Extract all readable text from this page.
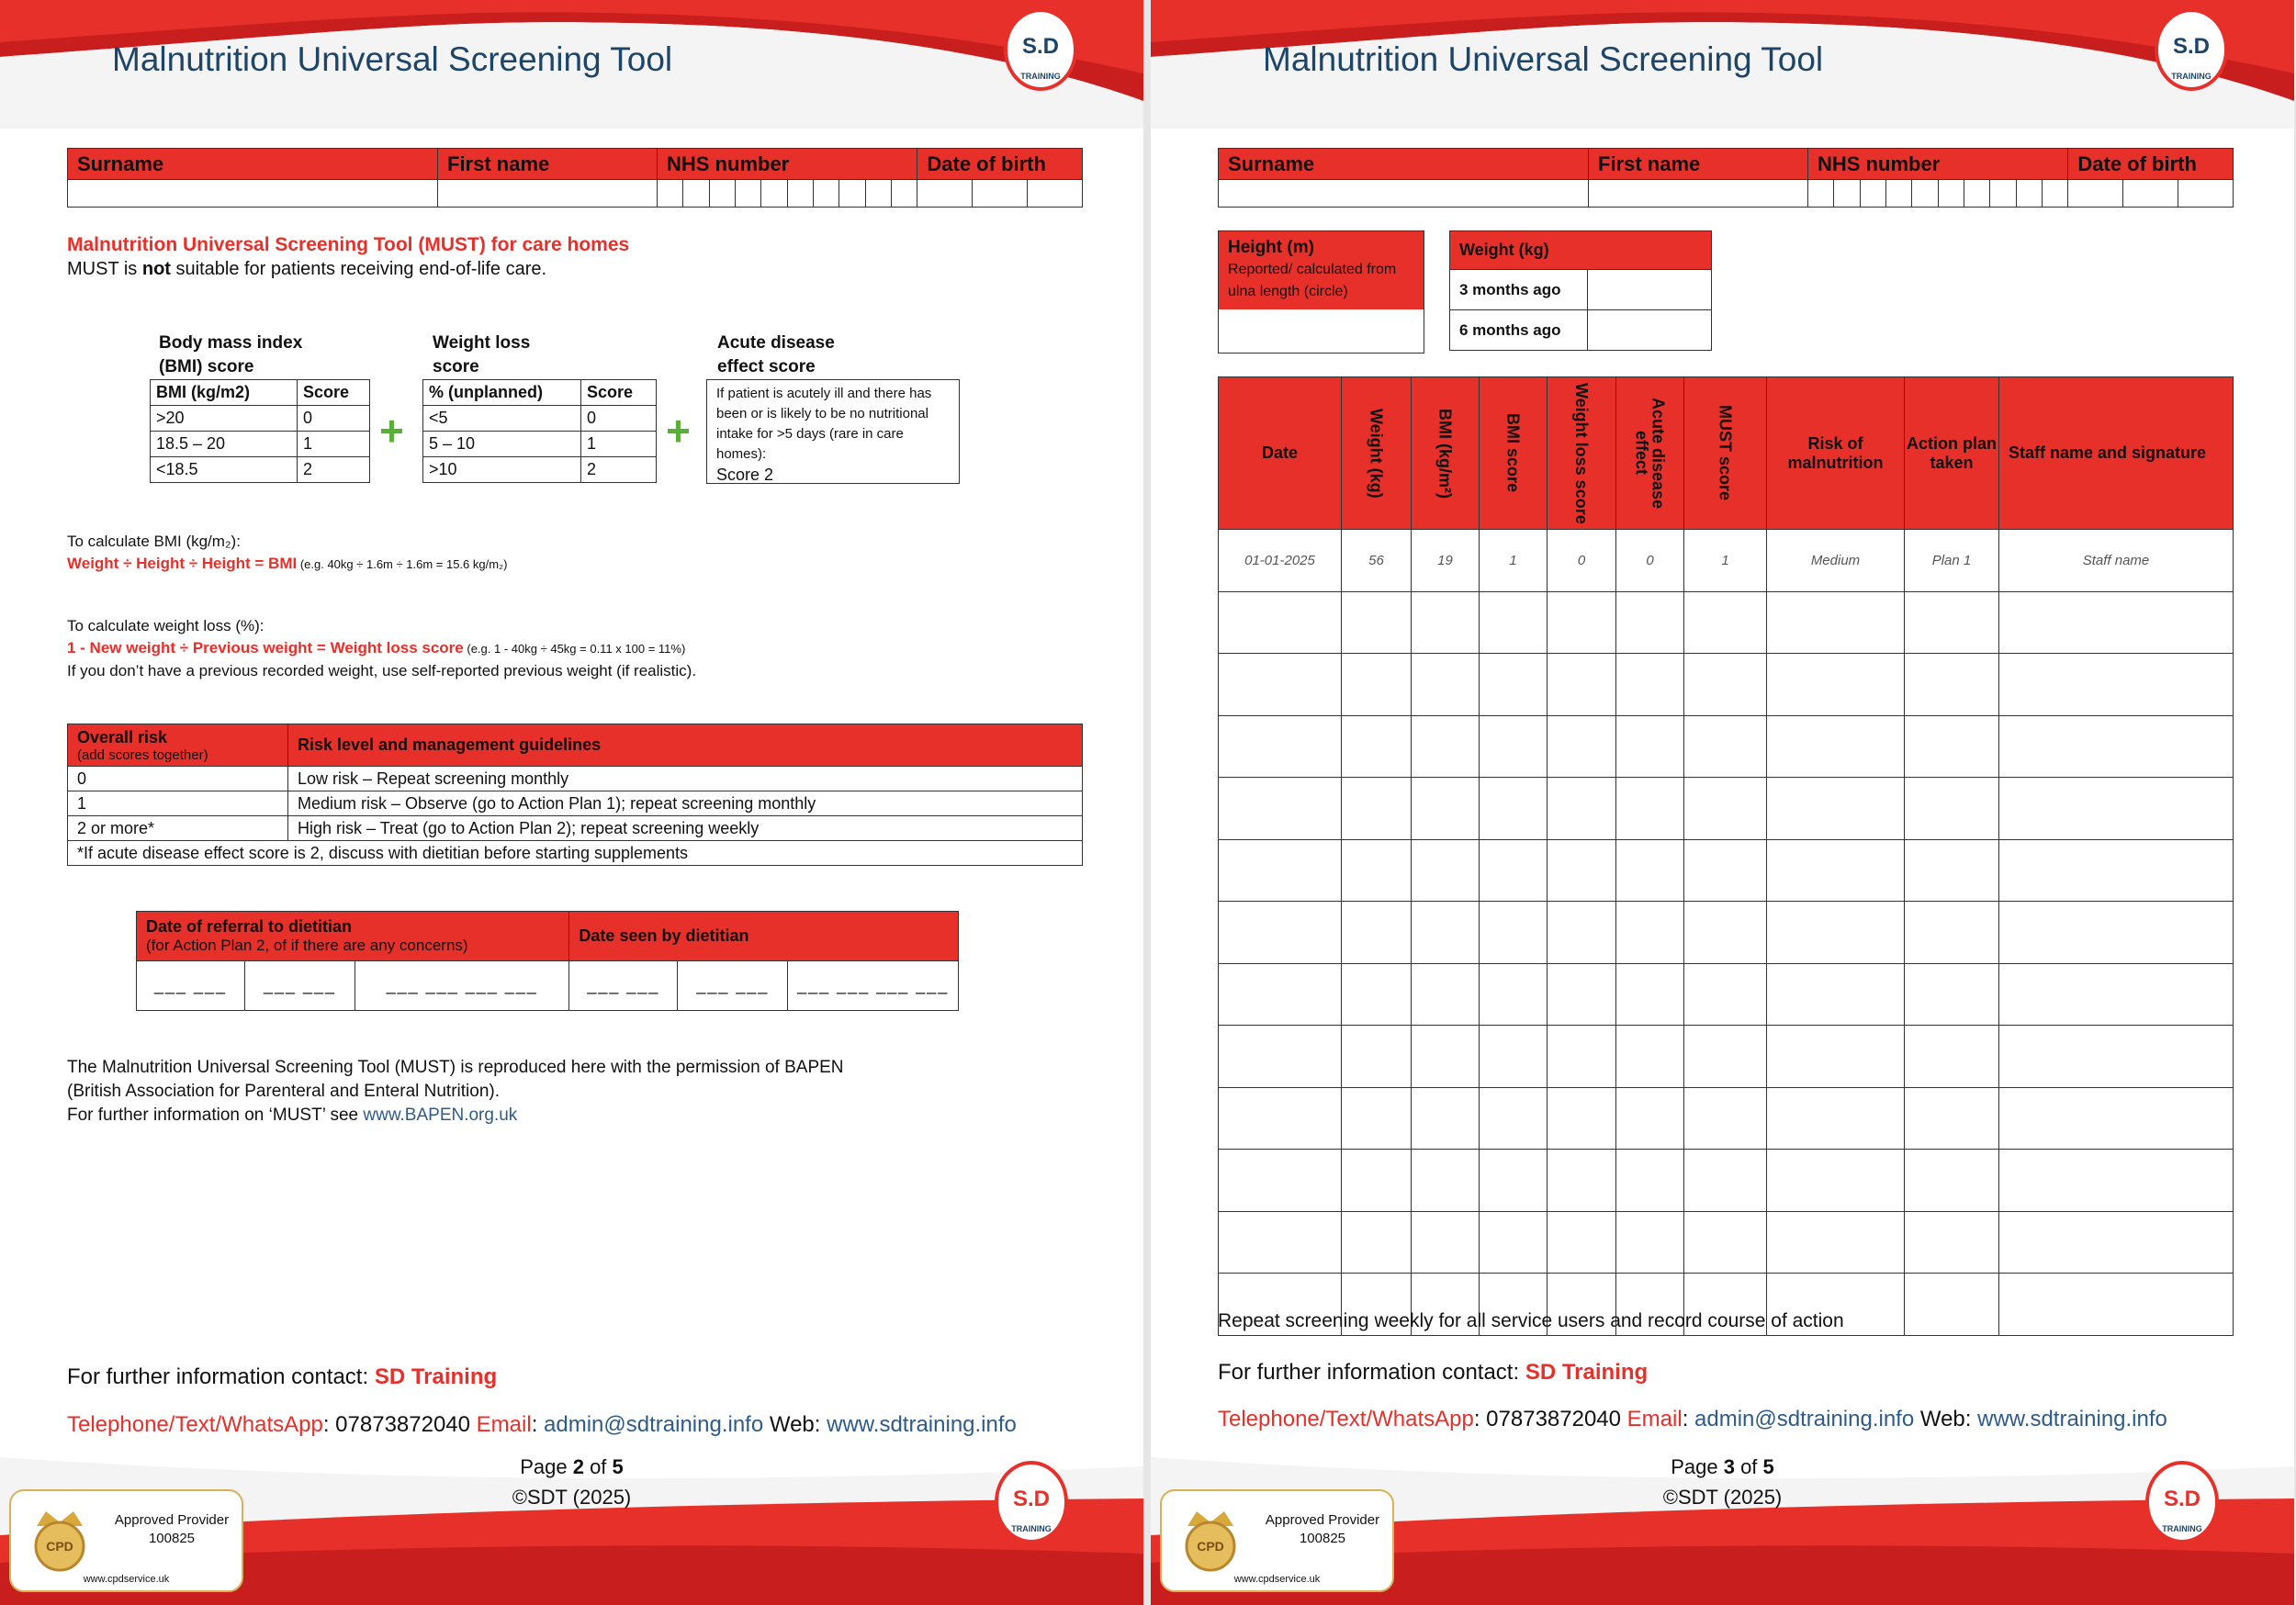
Malnutrition Universal Screening Tool	S.D
TRAINING
Surname	First name	NHS number										Date of birth		

Malnutrition Universal Screening Tool (MUST) for care homes
MUST is not suitable for patients receiving end-of-life care.
Body mass index
(BMI) score
BMI (kg/m2)	Score
>20	0
18.5 – 20	1
<18.5	2
+
Weight loss
score
% (unplanned)	Score
<5	0
5 – 10	1
>10	2
+
Acute disease
effect score
If patient is acutely ill and there has been or is likely to be no nutritional intake for >5 days (rare in care homes):
Score 2
To calculate BMI (kg/m₂):
Weight ÷ Height ÷ Height = BMI (e.g. 40kg ÷ 1.6m ÷ 1.6m = 15.6 kg/m₂)
To calculate weight loss (%):
1 - New weight ÷ Previous weight = Weight loss score (e.g. 1 - 40kg ÷ 45kg = 0.11 x 100 = 11%)
If you don’t have a previous recorded weight, use self-reported previous weight (if realistic).
Overall risk
(add scores together)	Risk level and management guidelines
0	Low risk – Repeat screening monthly
1	Medium risk – Observe (go to Action Plan 1); repeat screening monthly
2 or more*	High risk – Treat (go to Action Plan 2); repeat screening weekly
*If acute disease effect score is 2, discuss with dietitian before starting supplements	
Date of referral to dietitian
(for Action Plan 2, of if there are any concerns)			Date seen by dietitian		
___ ___	___ ___	___ ___ ___ ___	___ ___	___ ___	___ ___ ___ ___
The Malnutrition Universal Screening Tool (MUST) is reproduced here with the permission of BAPEN
(British Association for Parenteral and Enteral Nutrition).
For further information on ‘MUST’ see www.BAPEN.org.uk
For further information contact: SD Training
Telephone/Text/WhatsApp: 07873872040 Email: admin@sdtraining.info Web: www.sdtraining.info
Page 2 of 5
©SDT (2025)
CPD
Approved Provider
100825
www.cpdservice.uk
S.D
TRAINING
Malnutrition Universal Screening Tool	S.D
TRAINING
Surname	First name	NHS number										Date of birth		

Height (m)
Reported/ calculated from ulna length (circle)
Weight (kg)	
3 months ago	
6 months ago	
Date	Weight (kg)	BMI (kg/m²)	BMI score	Weight loss score	Acute disease effect	MUST score	Risk of malnutrition	Action plan taken	Staff name and signature
01-01-2025	56	19	1	0	0	1	Medium	Plan 1	Staff name

Repeat screening weekly for all service users and record course of action
For further information contact: SD Training
Telephone/Text/WhatsApp: 07873872040 Email: admin@sdtraining.info Web: www.sdtraining.info
Page 3 of 5
©SDT (2025)
CPD
Approved Provider
100825
www.cpdservice.uk
S.D
TRAINING
